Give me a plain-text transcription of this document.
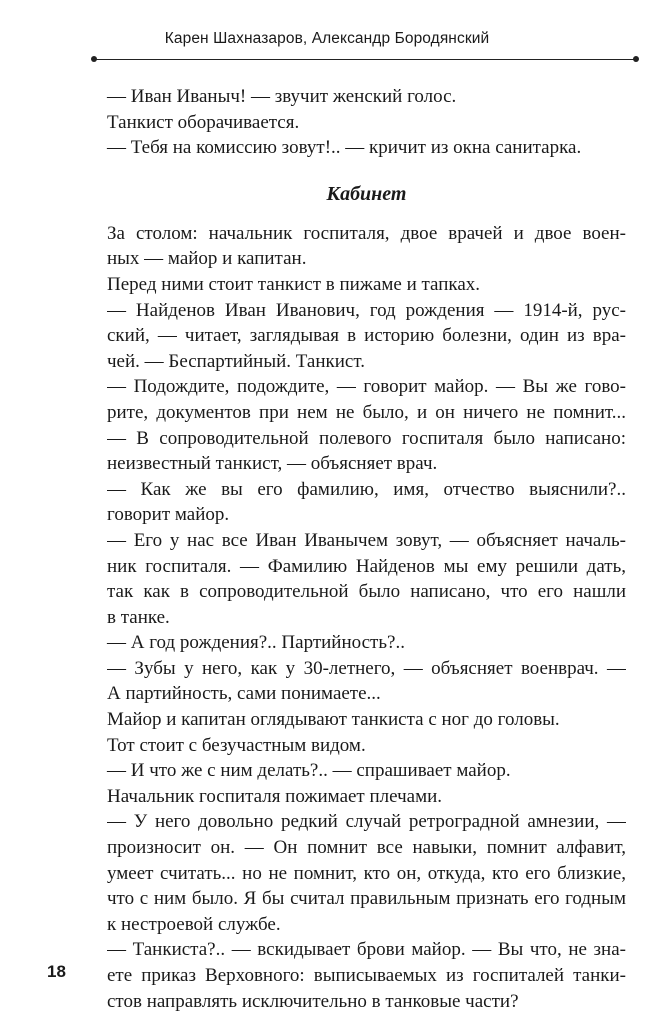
Карен Шахназаров, Александр Бородянский
— Иван Иваныч! — звучит женский голос.
Танкист оборачивается.
— Тебя на комиссию зовут!.. — кричит из окна санитарка.
Кабинет
За столом: начальник госпиталя, двое врачей и двое воен-
ных — майор и капитан.
Перед ними стоит танкист в пижаме и тапках.
— Найденов Иван Иванович, год рождения — 1914-й, рус-
ский, — читает, заглядывая в историю болезни, один из вра-
чей. — Беспартийный. Танкист.
— Подождите, подождите, — говорит майор. — Вы же гово-
рите, документов при нем не было, и он ничего не помнит...
— В сопроводительной полевого госпиталя было написано:
неизвестный танкист, — объясняет врач.
— Как же вы его фамилию, имя, отчество выяснили?..
говорит майор.
— Его у нас все Иван Иванычем зовут, — объясняет началь-
ник госпиталя. — Фамилию Найденов мы ему решили дать,
так как в сопроводительной было написано, что его нашли
в танке.
— А год рождения?.. Партийность?..
— Зубы у него, как у 30-летнего, — объясняет военврач. —
А партийность, сами понимаете...
Майор и капитан оглядывают танкиста с ног до головы.
Тот стоит с безучастным видом.
— И что же с ним делать?.. — спрашивает майор.
Начальник госпиталя пожимает плечами.
— У него довольно редкий случай ретроградной амнезии, —
произносит он. — Он помнит все навыки, помнит алфавит,
умеет считать... но не помнит, кто он, откуда, кто его близкие,
что с ним было. Я бы считал правильным признать его годным
к нестроевой службе.
— Танкиста?.. — вскидывает брови майор. — Вы что, не зна-
ете приказ Верховного: выписываемых из госпиталей танки-
стов направлять исключительно в танковые части?
18
